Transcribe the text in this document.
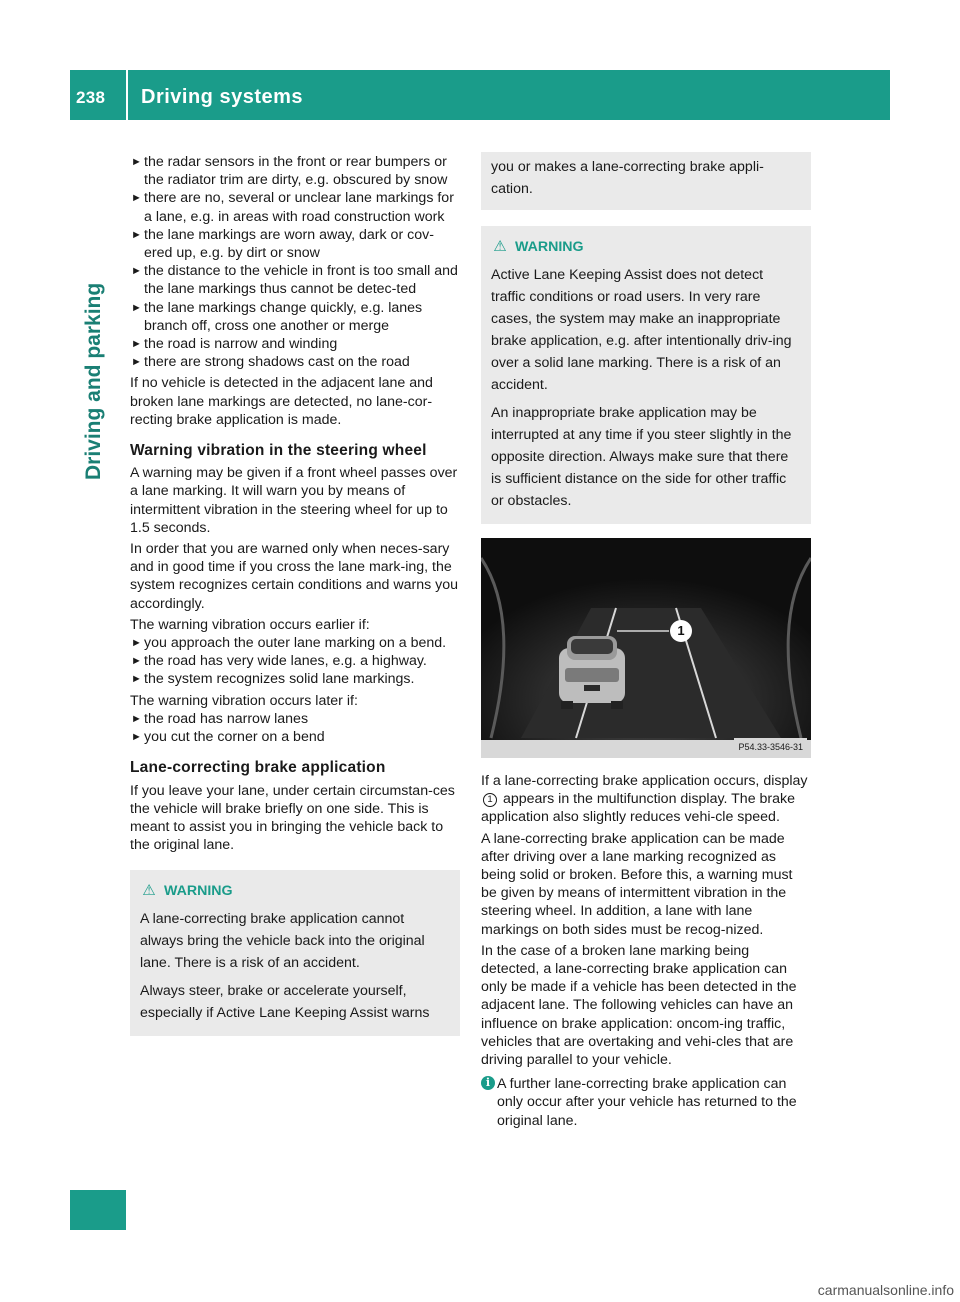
238	Driving systems
Driving and parking
► the radar sensors in the front or rear bumpers or the radiator trim are dirty, e.g. obscured by snow
► there are no, several or unclear lane markings for a lane, e.g. in areas with road construction work
► the lane markings are worn away, dark or cov-ered up, e.g. by dirt or snow
► the distance to the vehicle in front is too small and the lane markings thus cannot be detec-ted
► the lane markings change quickly, e.g. lanes branch off, cross one another or merge
► the road is narrow and winding
► there are strong shadows cast on the road

If no vehicle is detected in the adjacent lane and broken lane markings are detected, no lane-cor-recting brake application is made.

Warning vibration in the steering wheel

A warning may be given if a front wheel passes over a lane marking. It will warn you by means of intermittent vibration in the steering wheel for up to 1.5 seconds.

In order that you are warned only when neces-sary and in good time if you cross the lane mark-ing, the system recognizes certain conditions and warns you accordingly.

The warning vibration occurs earlier if:

► you approach the outer lane marking on a bend.
► the road has very wide lanes, e.g. a highway.
► the system recognizes solid lane markings.

The warning vibration occurs later if:

► the road has narrow lanes
► you cut the corner on a bend
Lane-correcting brake application

If you leave your lane, under certain circumstan-ces the vehicle will brake briefly on one side. This is meant to assist you in bringing the vehicle back to the original lane.

⚠ WARNING

A lane-correcting brake application cannot always bring the vehicle back into the original lane. There is a risk of an accident.

Always steer, brake or accelerate yourself, especially if Active Lane Keeping Assist warns

you or makes a lane-correcting brake appli-cation.

⚠ WARNING

Active Lane Keeping Assist does not detect traffic conditions or road users. In very rare cases, the system may make an inappropriate brake application, e.g. after intentionally driv-ing over a solid lane marking. There is a risk of an accident.

An inappropriate brake application may be interrupted at any time if you steer slightly in the opposite direction. Always make sure that there is sufficient distance on the side for other traffic or obstacles.

1
P54.33-3546-31

If a lane-correcting brake application occurs, display 1 appears in the multifunction display. The brake application also slightly reduces vehi-cle speed.

A lane-correcting brake application can be made after driving over a lane marking recognized as being solid or broken. Before this, a warning must be given by means of intermittent vibration in the steering wheel. In addition, a lane with lane markings on both sides must be recog-nized.

In the case of a broken lane marking being detected, a lane-correcting brake application can only be made if a vehicle has been detected in the adjacent lane. The following vehicles can have an influence on brake application: oncom-ing traffic, vehicles that are overtaking and vehi-cles that are driving parallel to your vehicle.

i A further lane-correcting brake application can only occur after your vehicle has returned to the original lane.
carmanualsonline.info
